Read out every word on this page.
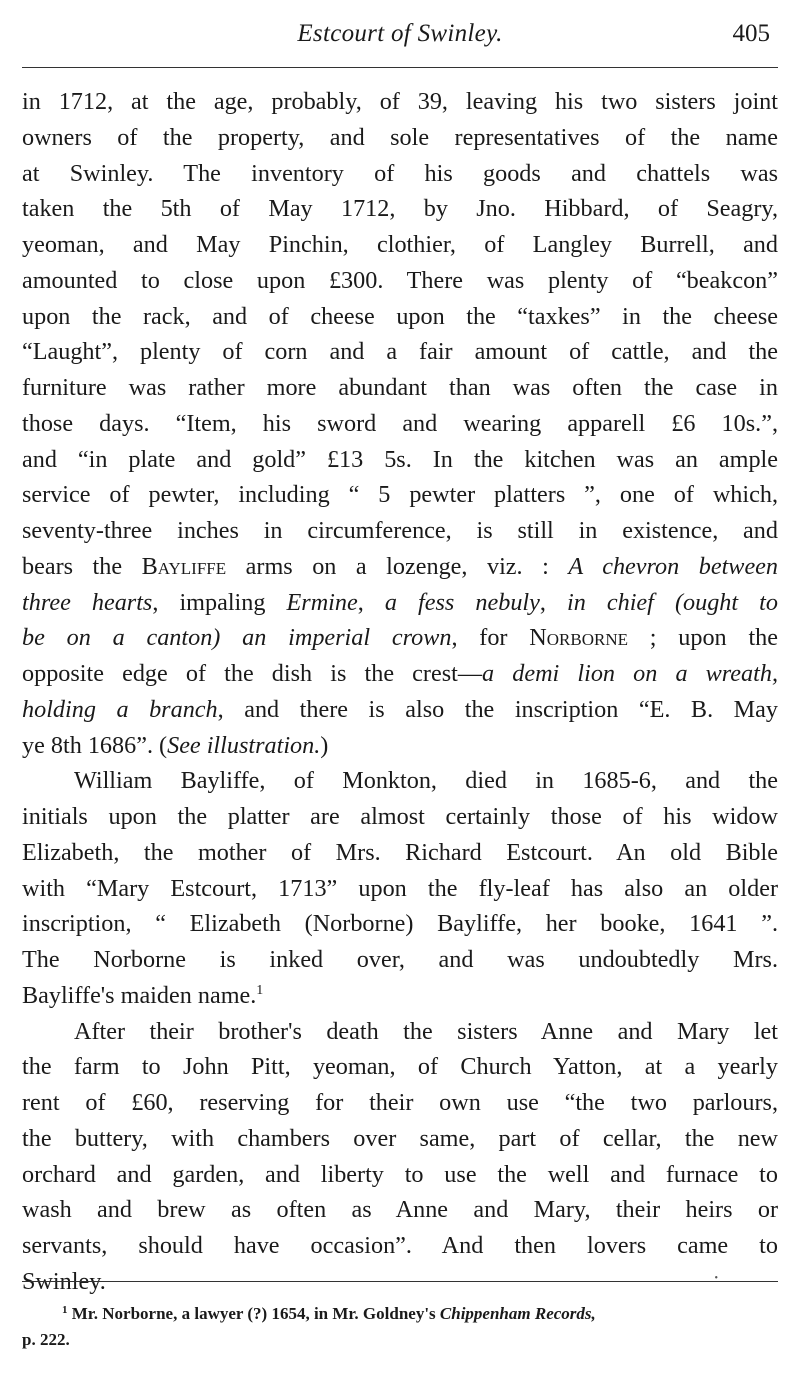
Estcourt of Swinley.	405
in 1712, at the age, probably, of 39, leaving his two sisters joint
owners of the property, and sole representatives of the name
at Swinley. The inventory of his goods and chattels was
taken the 5th of May 1712, by Jno. Hibbard, of Seagry,
yeoman, and May Pinchin, clothier, of Langley Burrell, and
amounted to close upon £300. There was plenty of “beakcon”
upon the rack, and of cheese upon the “taxkes” in the cheese
“Laught”, plenty of corn and a fair amount of cattle, and the
furniture was rather more abundant than was often the case in
those days. “Item, his sword and wearing apparell £6 10s.”,
and “in plate and gold” £13 5s. In the kitchen was an ample
service of pewter, including “ 5 pewter platters ”, one of which,
seventy-three inches in circumference, is still in existence, and
bears the Bayliffe arms on a lozenge, viz. : A chevron between
three hearts, impaling Ermine, a fess nebuly, in chief (ought to
be on a canton) an imperial crown, for Norborne ; upon the
opposite edge of the dish is the crest—a demi lion on a wreath,
holding a branch, and there is also the inscription “E. B. May
ye 8th 1686”. (See illustration.)
William Bayliffe, of Monkton, died in 1685-6, and the
initials upon the platter are almost certainly those of his widow
Elizabeth, the mother of Mrs. Richard Estcourt. An old Bible
with “Mary Estcourt, 1713” upon the fly-leaf has also an older
inscription, “ Elizabeth (Norborne) Bayliffe, her booke, 1641 ”.
The Norborne is inked over, and was undoubtedly Mrs.
Bayliffe's maiden name.$^1$
After their brother's death the sisters Anne and Mary let
the farm to John Pitt, yeoman, of Church Yatton, at a yearly
rent of £60, reserving for their own use “the two parlours,
the buttery, with chambers over same, part of cellar, the new
orchard and garden, and liberty to use the well and furnace to
wash and brew as often as Anne and Mary, their heirs or
servants, should have occasion”. And then lovers came to
Swinley.	•
$^1$ Mr. Norborne, a lawyer (?) 1654, in Mr. Goldney's Chippenham Records,
p. 222.
